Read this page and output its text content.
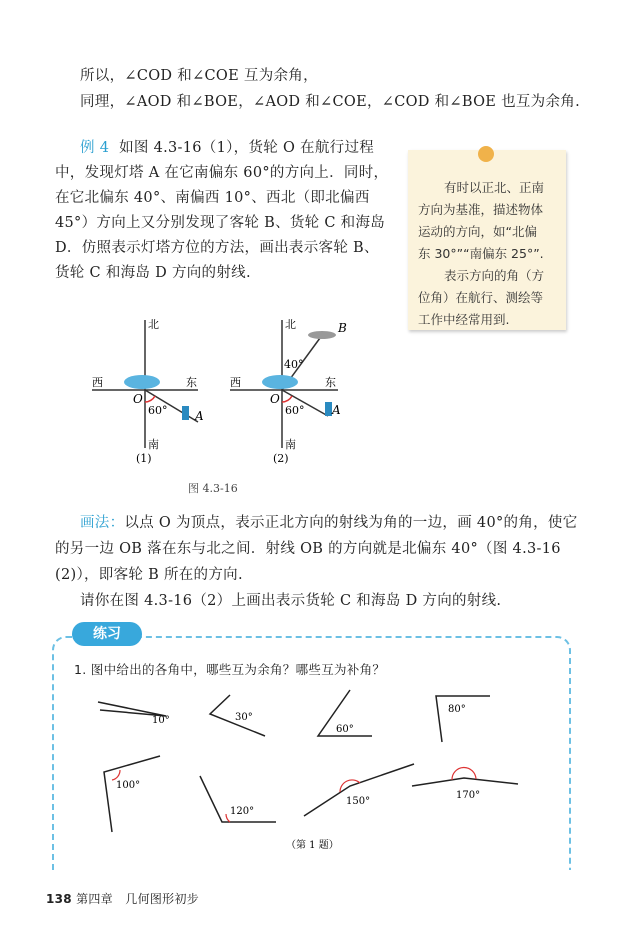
所以，∠COD 和∠COE 互为余角，
同理，∠AOD 和∠BOE，∠AOD 和∠COE，∠COD 和∠BOE 也互为余角.
例 4 如图 4.3-16（1），货轮 O 在航行过程
中，发现灯塔 A 在它南偏东 60°的方向上．同时，
在它北偏东 40°、南偏西 10°、西北（即北偏西
45°）方向上又分别发现了客轮 B、货轮 C 和海岛
D．仿照表示灯塔方位的方法，画出表示客轮 B、
货轮 C 和海岛 D 方向的射线.

有时以正北、正南

方向为基准，描述物体

运动的方向，如“北偏

东 30°”“南偏东 25°”.

表示方向的角（方

位角）在航行、测绘等

工作中经常用到.

北
南
西	东
O
60° A
(1)
北
南
西	东
O
60°
40°
A
B
(2)
图 4.3-16
画法：以点 O 为顶点，表示正北方向的射线为角的一边，画 40°的角，使它
的另一边 OB 落在东与北之间．射线 OB 的方向就是北偏东 40°（图 4.3-16
(2)），即客轮 B 所在的方向.
请你在图 4.3-16（2）上画出表示货轮 C 和海岛 D 方向的射线.
练习
1. 图中给出的各角中，哪些互为余角？哪些互为补角？
10°	30°
60°
80°
100°
120°
150°
170°
（第 1 题）
138 第四章　几何图形初步
